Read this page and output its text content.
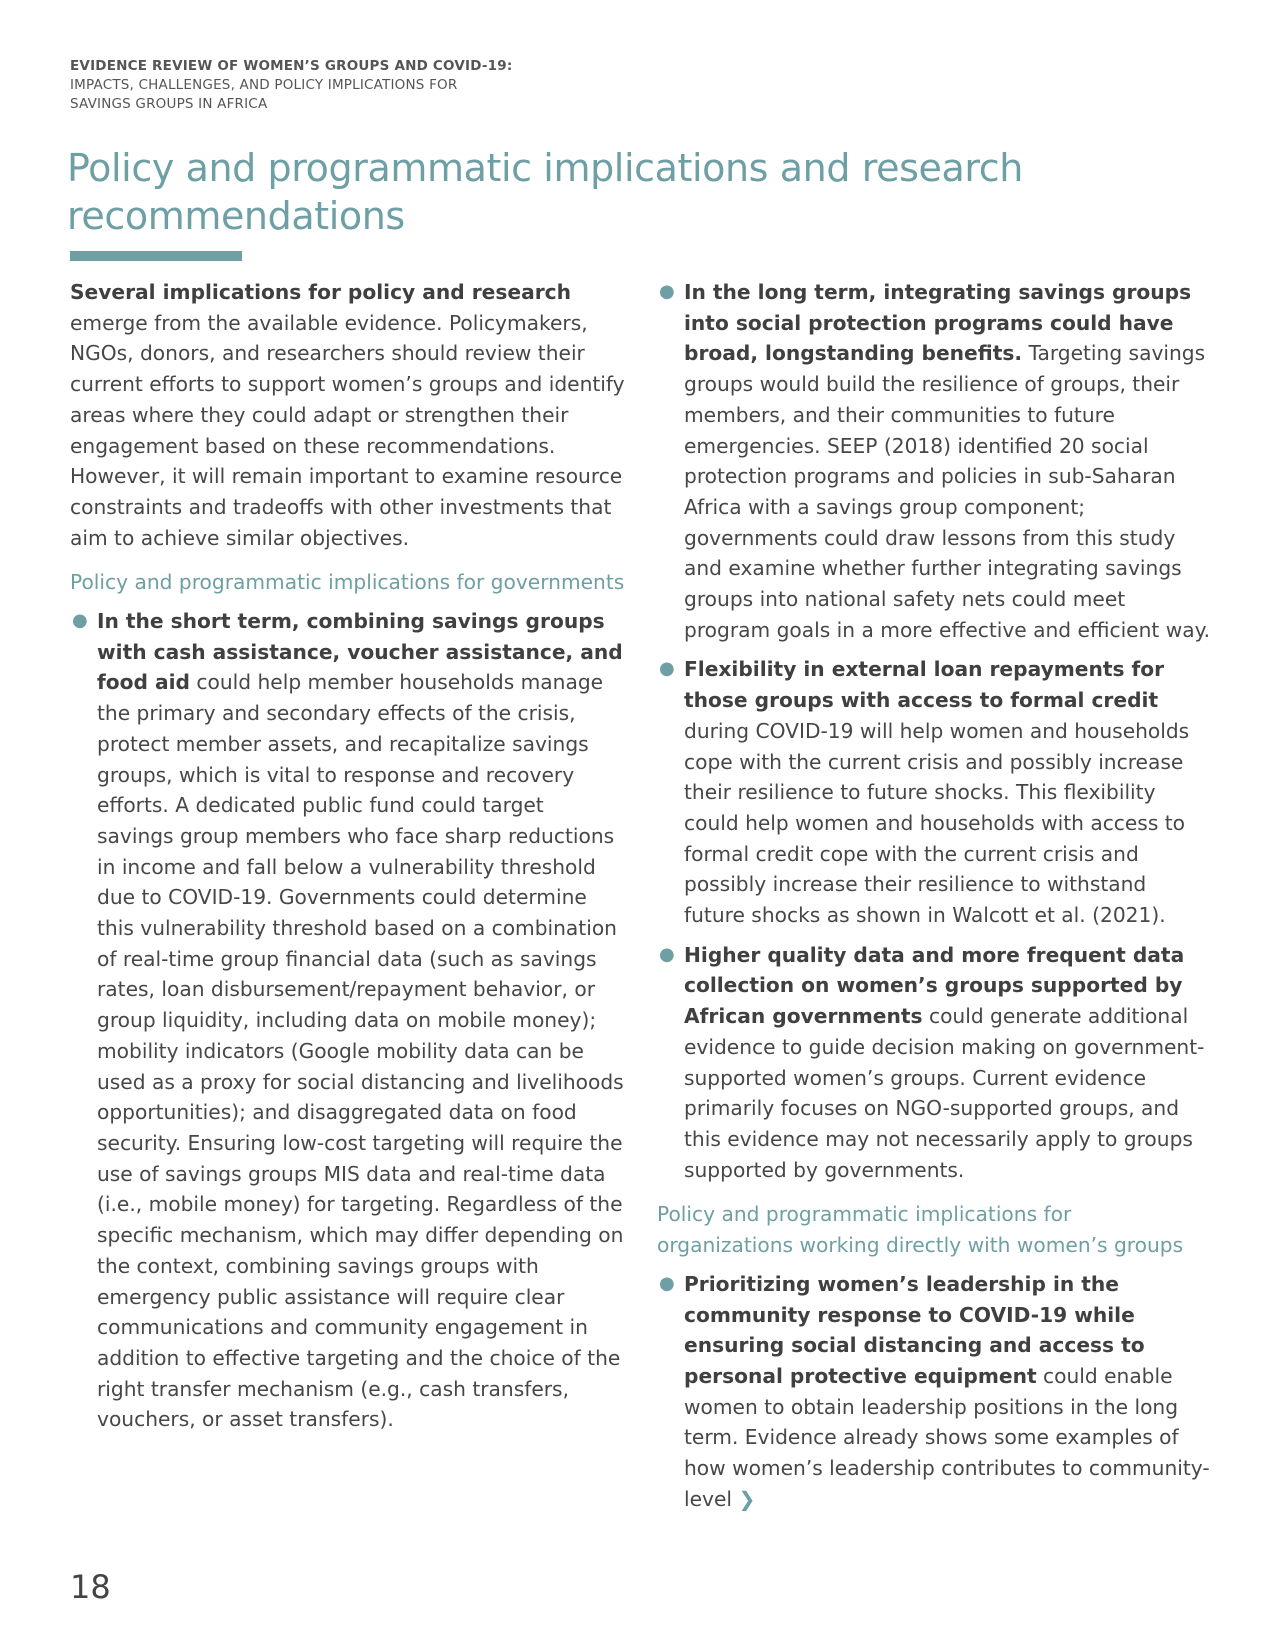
EVIDENCE REVIEW OF WOMEN’S GROUPS AND COVID-19:
IMPACTS, CHALLENGES, AND POLICY IMPLICATIONS FOR
SAVINGS GROUPS IN AFRICA
Policy and programmatic implications and research recommendations

Several implications for policy and research emerge from the available evidence. Policymakers, NGOs, donors, and researchers should review their current efforts to support women’s groups and identify areas where they could adapt or strengthen their engagement based on these recommendations. However, it will remain important to examine resource constraints and tradeoffs with other investments that aim to achieve similar objectives.

Policy and programmatic implications for governments
● In the short term, combining savings groups with cash assistance, voucher assistance, and food aid could help member households manage the primary and secondary effects of the crisis, protect member assets, and recapitalize savings groups, which is vital to response and recovery efforts. A dedicated public fund could target savings group members who face sharp reductions in income and fall below a vulnerability threshold due to COVID-19. Governments could determine this vulnerability threshold based on a combination of real-time group financial data (such as savings rates, loan disbursement/repayment behavior, or group liquidity, including data on mobile money); mobility indicators (Google mobility data can be used as a proxy for social distancing and livelihoods opportunities); and disaggregated data on food security. Ensuring low-cost targeting will require the use of savings groups MIS data and real-time data (i.e., mobile money) for targeting. Regardless of the specific mechanism, which may differ depending on the context, combining savings groups with emergency public assistance will require clear communications and community engagement in addition to effective targeting and the choice of the right transfer mechanism (e.g., cash transfers, vouchers, or asset transfers).
● In the long term, integrating savings groups into social protection programs could have broad, longstanding benefits. Targeting savings groups would build the resilience of groups, their members, and their communities to future emergencies. SEEP (2018) identified 20 social protection programs and policies in sub-Saharan Africa with a savings group component; governments could draw lessons from this study and examine whether further integrating savings groups into national safety nets could meet program goals in a more effective and efficient way.
● Flexibility in external loan repayments for those groups with access to formal credit during COVID-19 will help women and households cope with the current crisis and possibly increase their resilience to future shocks. This flexibility could help women and households with access to formal credit cope with the current crisis and possibly increase their resilience to withstand future shocks as shown in Walcott et al. (2021).
● Higher quality data and more frequent data collection on women’s groups supported by African governments could generate additional evidence to guide decision making on government-supported women’s groups. Current evidence primarily focuses on NGO-supported groups, and this evidence may not necessarily apply to groups supported by governments.
Policy and programmatic implications for organizations working directly with women’s groups
● Prioritizing women’s leadership in the community response to COVID-19 while ensuring social distancing and access to personal protective equipment could enable women to obtain leadership positions in the long term. Evidence already shows some examples of how women’s leadership contributes to community-level ❯
18
